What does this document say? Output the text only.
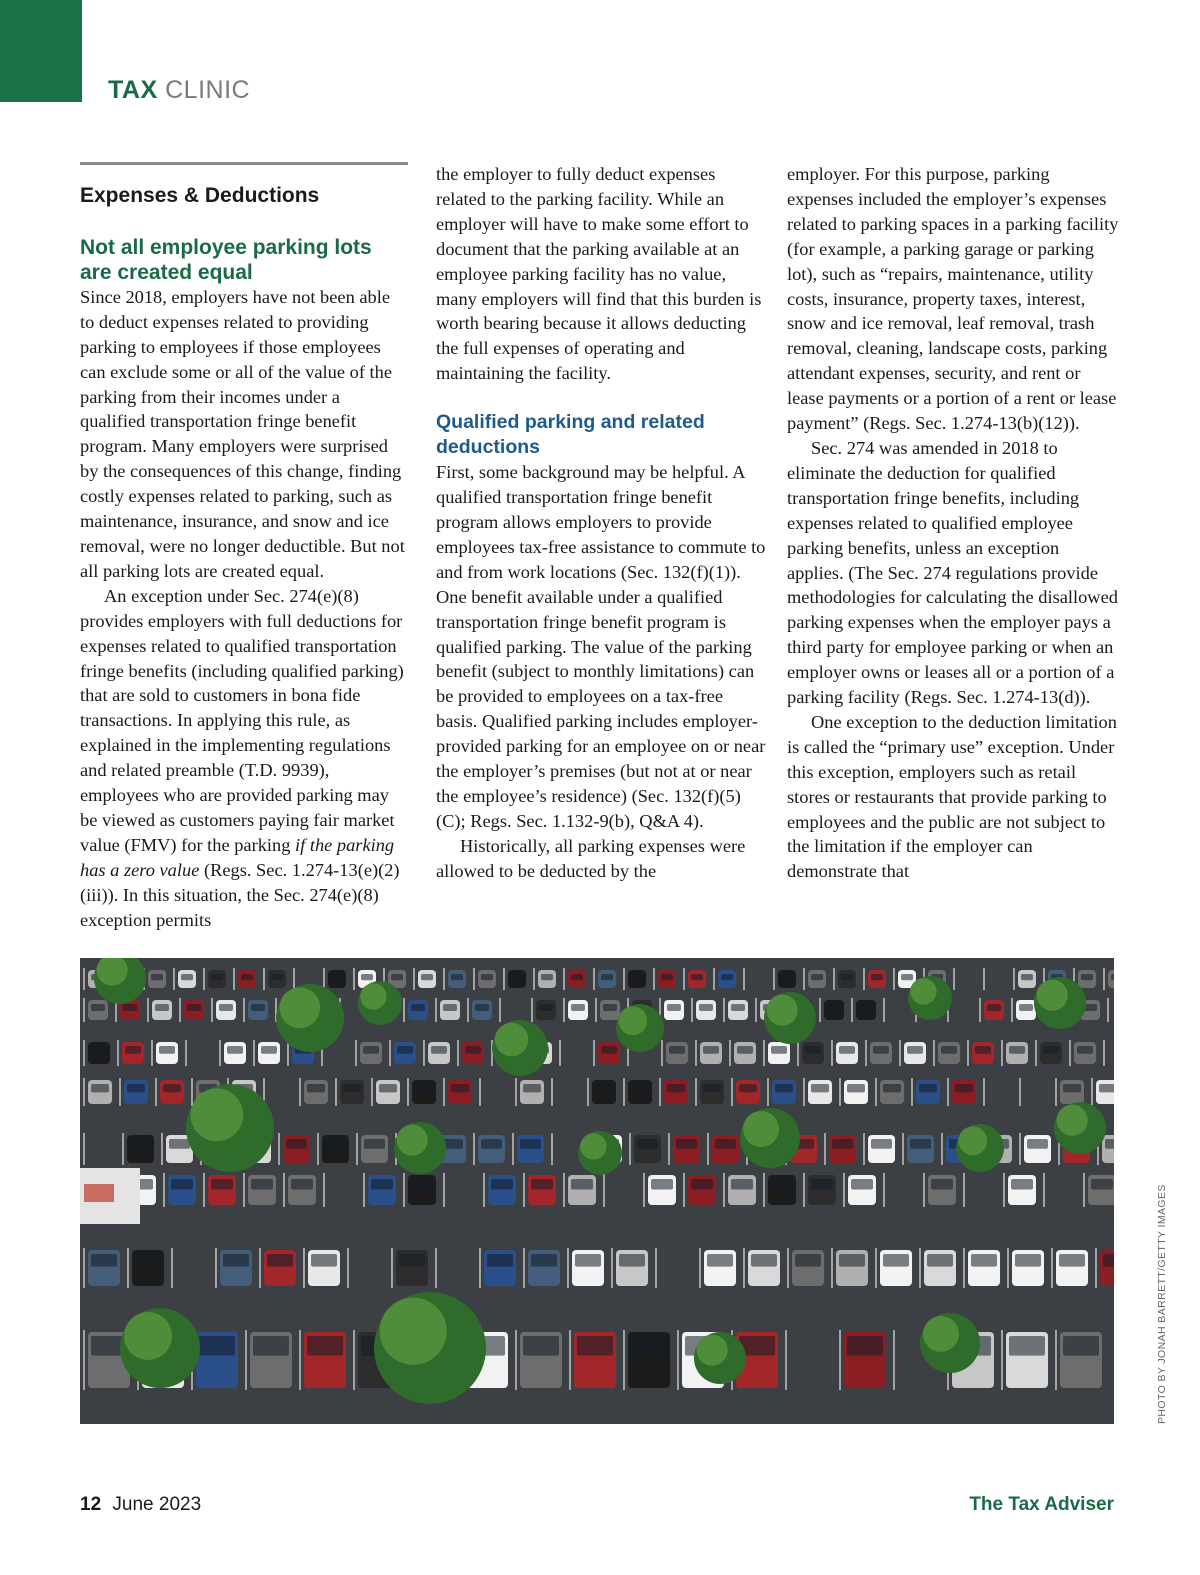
TAX CLINIC
Expenses & Deductions
Not all employee parking lots are created equal

Since 2018, employers have not been able to deduct expenses related to providing parking to employees if those employees can exclude some or all of the value of the parking from their incomes under a qualified transportation fringe benefit program. Many employers were surprised by the consequences of this change, finding costly expenses related to parking, such as maintenance, insurance, and snow and ice removal, were no longer deductible. But not all parking lots are created equal.

An exception under Sec. 274(e)(8) provides employers with full deductions for expenses related to qualified transportation fringe benefits (including qualified parking) that are sold to customers in bona fide transactions. In applying this rule, as explained in the implementing regulations and related preamble (T.D. 9939), employees who are provided parking may be viewed as customers paying fair market value (FMV) for the parking if the parking has a zero value (Regs. Sec. 1.274-13(e)(2)(iii)). In this situation, the Sec. 274(e)(8) exception permits

the employer to fully deduct expenses related to the parking facility. While an employer will have to make some effort to document that the parking available at an employee parking facility has no value, many employers will find that this burden is worth bearing because it allows deducting the full expenses of operating and maintaining the facility.

Qualified parking and related deductions

First, some background may be helpful. A qualified transportation fringe benefit program allows employers to provide employees tax-free assistance to commute to and from work locations (Sec. 132(f)(1)). One benefit available under a qualified transportation fringe benefit program is qualified parking. The value of the parking benefit (subject to monthly limitations) can be provided to employees on a tax-free basis. Qualified parking includes employer-provided parking for an employee on or near the employer’s premises (but not at or near the employee’s residence) (Sec. 132(f)(5)(C); Regs. Sec. 1.132-9(b), Q&A 4).

Historically, all parking expenses were allowed to be deducted by the

employer. For this purpose, parking expenses included the employer’s expenses related to parking spaces in a parking facility (for example, a parking garage or parking lot), such as “repairs, maintenance, utility costs, insurance, property taxes, interest, snow and ice removal, leaf removal, trash removal, cleaning, landscape costs, parking attendant expenses, security, and rent or lease payments or a portion of a rent or lease payment” (Regs. Sec. 1.274-13(b)(12)).

Sec. 274 was amended in 2018 to eliminate the deduction for qualified transportation fringe benefits, including expenses related to qualified employee parking benefits, unless an exception applies. (The Sec. 274 regulations provide methodologies for calculating the disallowed parking expenses when the employer pays a third party for employee parking or when an employer owns or leases all or a portion of a parking facility (Regs. Sec. 1.274-13(d)).

One exception to the deduction limitation is called the “primary use” exception. Under this exception, employers such as retail stores or restaurants that provide parking to employees and the public are not subject to the limitation if the employer can demonstrate that

PHOTO BY JONAH BARRETT/GETTY IMAGES
12 June 2023	The Tax Adviser
